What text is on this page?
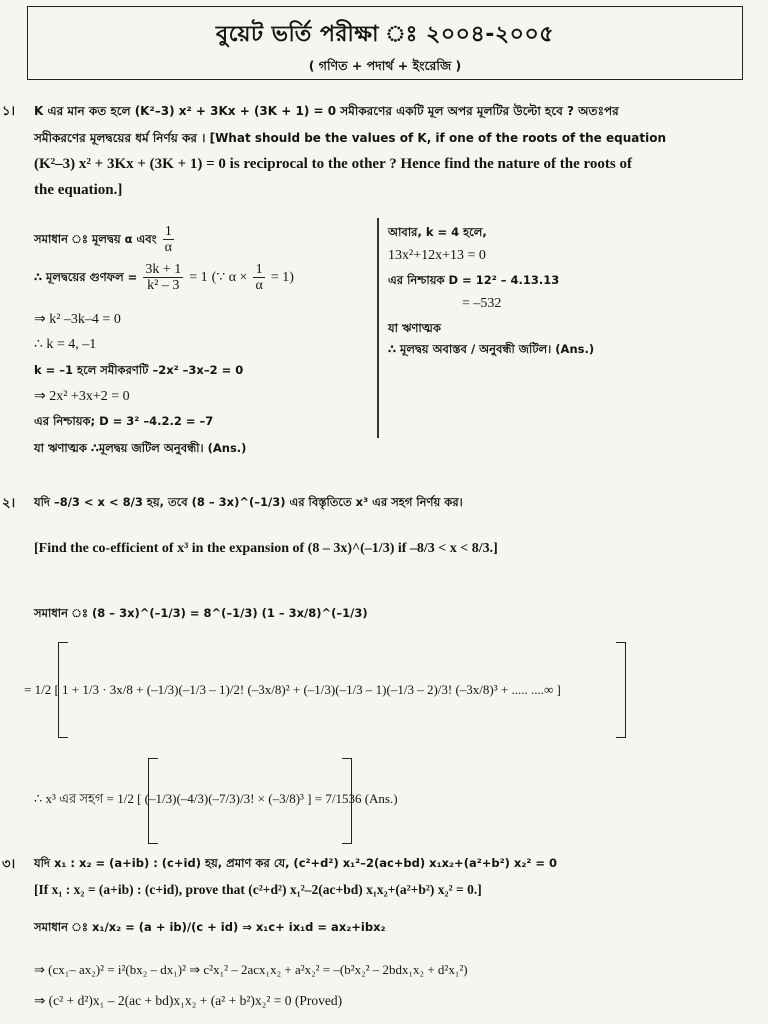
বুয়েট ভর্তি পরীক্ষা ঃ ২০০৪-২০০৫
( গণিত + পদার্থ + ইংরেজি )
১। K এর মান কত হলে (K²–3) x² + 3Kx + (3K + 1) = 0 সমীকরণের একটি মূল অপর মূলটির উল্টো হবে ? অতঃপর
সমীকরণের মূলদ্বয়ের ধর্ম নির্ণয় কর । [What should be the values of K, if one of the roots of the equation
(K²–3) x² + 3Kx + (3K + 1) = 0 is reciprocal to the other ? Hence find the nature of the roots of
the equation.]
সমাধান ঃ মূলদ্বয় α এবং $\frac{1}{\alpha}$
∴ মূলদ্বয়ের গুণফল = $\frac{3k + 1}{\text{k² – 3}} = 1$ (∵ $\alpha \times \frac{1}{\alpha} = 1$)
⇒ k² –3k–4 = 0
∴ k = 4, –1
k = –1 হলে সমীকরণটি –2x² –3x–2 = 0
⇒ 2x² +3x+2 = 0
এর নিশ্চায়ক; D = 3² –4.2.2 = –7
যা ঋণাত্মক ∴মূলদ্বয় জটিল অনুবন্ধী। (Ans.)
আবার, k = 4 হলে,
13x²+12x+13 = 0
এর নিশ্চায়ক D = 12² – 4.13.13
= –532
যা ঋণাত্মক
∴ মূলদ্বয় অবাস্তব / অনুবন্ধী জটিল। (Ans.)
২। যদি –8/3 < x < 8/3 হয়, তবে (8 – 3x)^(–1/3) এর বিস্তৃতিতে x³ এর সহগ নির্ণয় কর।
[Find the co-efficient of x³ in the expansion of (8 – 3x)^(–1/3) if –8/3 < x < 8/3.]
সমাধান ঃ (8 – 3x)^(–1/3) = 8^(–1/3) (1 – 3x/8)^(–1/3)
= 1/2 [ 1 + 1/3 · 3x/8 + (–1/3)(–1/3 – 1)/2! (–3x/8)² + (–1/3)(–1/3 – 1)(–1/3 – 2)/3! (–3x/8)³ + ..... ....∞ ]
∴ x³ এর সহগ = 1/2 [ (–1/3)(–4/3)(–7/3)/3! × (–3/8)³ ] = 7/1536 (Ans.)
৩। যদি x₁ : x₂ = (a+ib) : (c+id) হয়, প্রমাণ কর যে, (c²+d²) x₁²–2(ac+bd) x₁x₂+(a²+b²) x₂² = 0
[If x₁ : x₂ = (a+ib) : (c+id), prove that (c²+d²) x₁²–2(ac+bd) x₁x₂+(a²+b²) x₂² = 0.]
সমাধান ঃ x₁/x₂ = (a + ib)/(c + id) ⇒ x₁c+ ix₁d = ax₂+ibx₂
⇒ (cx₁– ax₂)² = i²(bx₂ – dx₁)² ⇒ c²x₁² – 2acx₁x₂ + a²x₂² = –(b²x₂² – 2bdx₁x₂ + d²x₁²)
⇒ (c² + d²)x₁ – 2(ac + bd)x₁x₂ + (a² + b²)x₂² = 0 (Proved)
